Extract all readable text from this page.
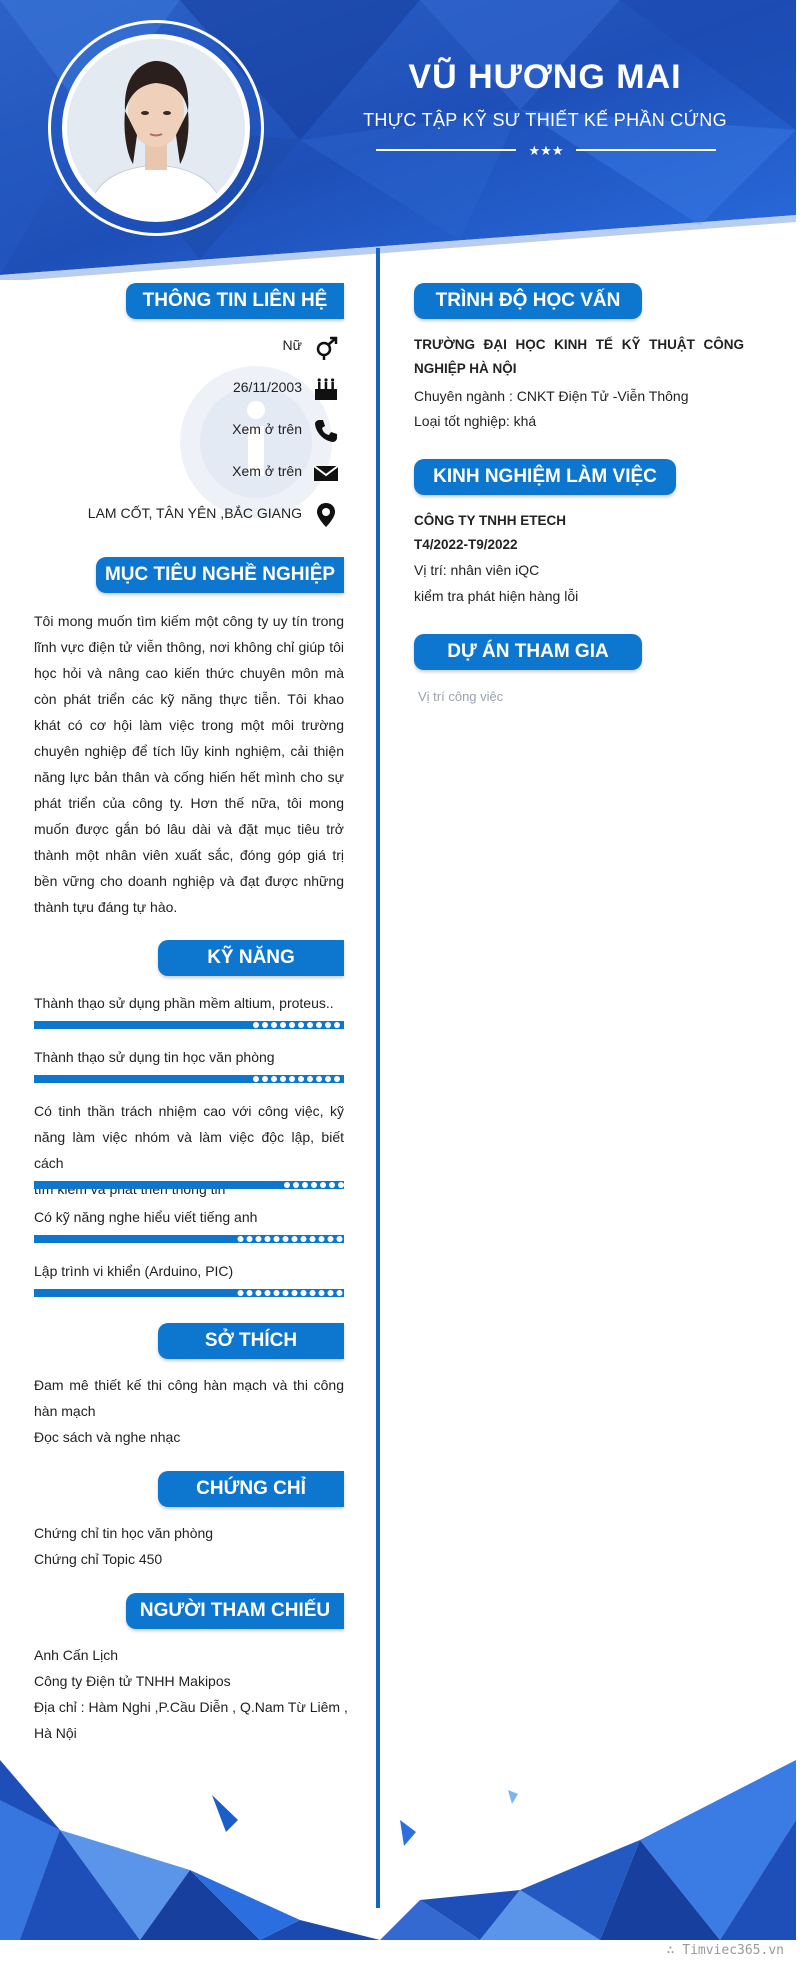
VŨ HƯƠNG MAI
THỰC TẬP KỸ SƯ THIẾT KẾ PHẦN CỨNG
★★★
THÔNG TIN LIÊN HỆ
Nữ
26/11/2003
Xem ở trên
Xem ở trên
LAM CỐT, TÂN YÊN ,BẮC GIANG
MỤC TIÊU NGHỀ NGHIỆP
Tôi mong muốn tìm kiếm một công ty uy tín trong
lĩnh vực điện tử viễn thông, nơi không chỉ giúp tôi
học hỏi và nâng cao kiến thức chuyên môn mà
còn phát triển các kỹ năng thực tiễn. Tôi khao
khát có cơ hội làm việc trong một môi trường
chuyên nghiệp để tích lũy kinh nghiệm, cải thiện
năng lực bản thân và cống hiến hết mình cho sự
phát triển của công ty. Hơn thế nữa, tôi mong
muốn được gắn bó lâu dài và đặt mục tiêu trở
thành một nhân viên xuất sắc, đóng góp giá trị
bền vững cho doanh nghiệp và đạt được những
thành tựu đáng tự hào.
KỸ NĂNG
Thành thạo sử dụng phần mềm altium, proteus..
Thành thạo sử dụng tin học văn phòng
Có tinh thần trách nhiệm cao với công việc, kỹ
năng làm việc nhóm và làm việc độc lập, biết cách
Có kỹ năng nghe hiểu viết tiếng anh
Lập trình vi khiển (Arduino, PIC)
SỞ THÍCH
Đam mê thiết kế thi công hàn mạch và thi công
hàn mạch
Đọc sách và nghe nhạc
CHỨNG CHỈ
Chứng chỉ tin học văn phòng
Chứng chỉ Topic 450
NGƯỜI THAM CHIẾU
Anh Cấn Lịch
Công ty Điện tử TNHH Makipos
Địa chỉ : Hàm Nghi ,P.Cầu Diễn , Q.Nam Từ Liêm ,
Hà Nội
TRÌNH ĐỘ HỌC VẤN
TRƯỜNG ĐẠI HỌC KINH TẾ KỸ THUẬT CÔNG
NGHIỆP HÀ NỘI
Chuyên ngành : CNKT Điện Tử -Viễn Thông
Loại tốt nghiệp: khá
KINH NGHIỆM LÀM VIỆC
CÔNG TY TNHH ETECH
T4/2022-T9/2022
Vị trí: nhân viên iQC
kiểm tra phát hiện hàng lỗi
DỰ ÁN THAM GIA
Vị trí công việc
∴ Timviec365.vn
